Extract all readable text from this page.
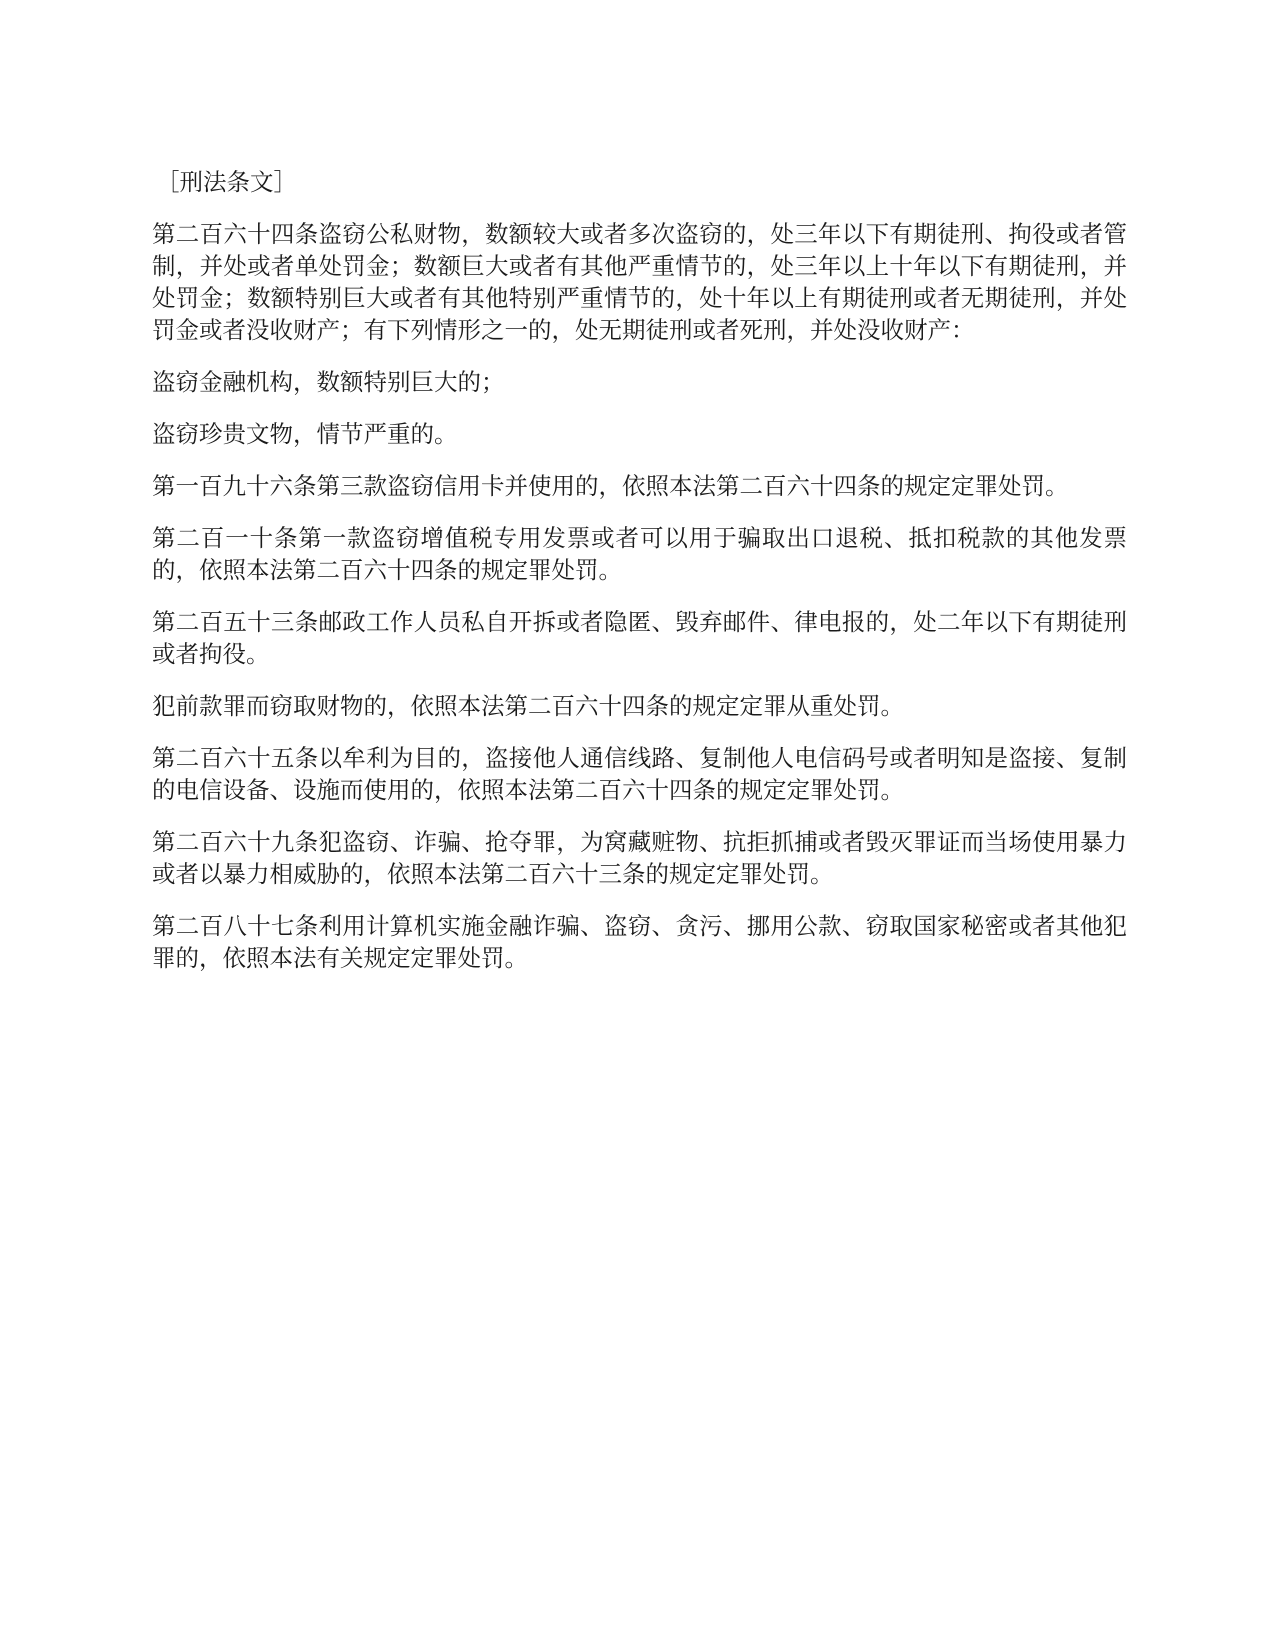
［刑法条文］

第二百六十四条盗窃公私财物，数额较大或者多次盗窃的，处三年以下有期徒刑、拘役或者管制，并处或者单处罚金；数额巨大或者有其他严重情节的，处三年以上十年以下有期徒刑，并处罚金；数额特别巨大或者有其他特别严重情节的，处十年以上有期徒刑或者无期徒刑，并处罚金或者没收财产；有下列情形之一的，处无期徒刑或者死刑，并处没收财产：

盗窃金融机构，数额特别巨大的；

盗窃珍贵文物，情节严重的。

第一百九十六条第三款盗窃信用卡并使用的，依照本法第二百六十四条的规定定罪处罚。

第二百一十条第一款盗窃增值税专用发票或者可以用于骗取出口退税、抵扣税款的其他发票的，依照本法第二百六十四条的规定罪处罚。

第二百五十三条邮政工作人员私自开拆或者隐匿、毁弃邮件、律电报的，处二年以下有期徒刑或者拘役。

犯前款罪而窃取财物的，依照本法第二百六十四条的规定定罪从重处罚。

第二百六十五条以牟利为目的，盗接他人通信线路、复制他人电信码号或者明知是盗接、复制的电信设备、设施而使用的，依照本法第二百六十四条的规定定罪处罚。

第二百六十九条犯盗窃、诈骗、抢夺罪，为窝藏赃物、抗拒抓捕或者毁灭罪证而当场使用暴力或者以暴力相威胁的，依照本法第二百六十三条的规定定罪处罚。

第二百八十七条利用计算机实施金融诈骗、盗窃、贪污、挪用公款、窃取国家秘密或者其他犯罪的，依照本法有关规定定罪处罚。
